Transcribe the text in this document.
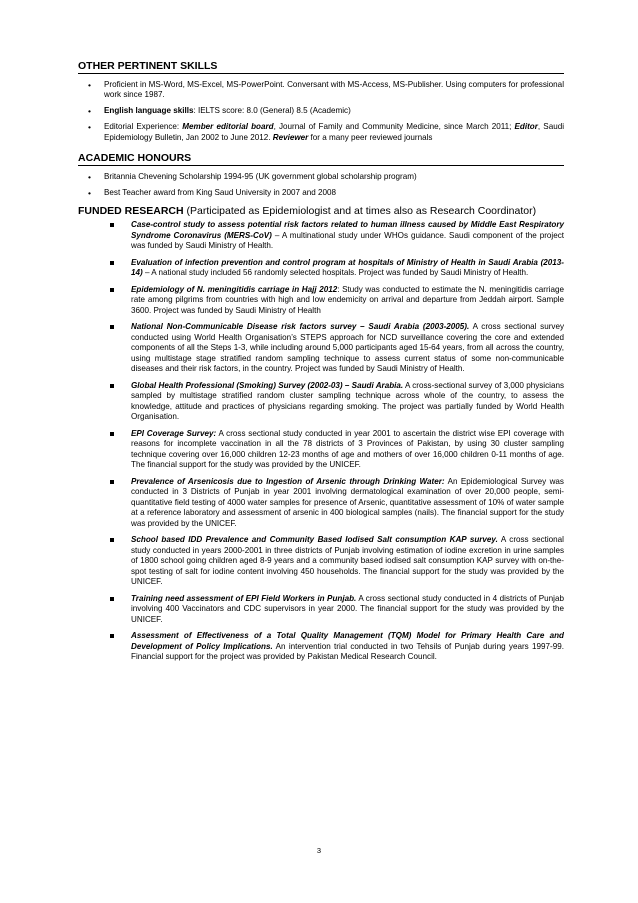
OTHER PERTINENT SKILLS
• Proficient in MS-Word, MS-Excel, MS-PowerPoint. Conversant with MS-Access, MS-Publisher. Using computers for professional work since 1987.
• English language skills: IELTS score: 8.0 (General) 8.5 (Academic)
• Editorial Experience: Member editorial board, Journal of Family and Community Medicine, since March 2011; Editor, Saudi Epidemiology Bulletin, Jan 2002 to June 2012. Reviewer for a many peer reviewed journals
ACADEMIC HONOURS
• Britannia Chevening Scholarship 1994-95 (UK government global scholarship program)
• Best Teacher award from King Saud University in 2007 and 2008
FUNDED RESEARCH (Participated as Epidemiologist and at times also as Research Coordinator)
Case-control study to assess potential risk factors related to human illness caused by Middle East Respiratory Syndrome Coronavirus (MERS-CoV) – A multinational study under WHOs guidance. Saudi component of the project was funded by Saudi Ministry of Health.
Evaluation of infection prevention and control program at hospitals of Ministry of Health in Saudi Arabia (2013-14) – A national study included 56 randomly selected hospitals. Project was funded by Saudi Ministry of Health.
Epidemiology of N. meningitidis carriage in Hajj 2012: Study was conducted to estimate the N. meningitidis carriage rate among pilgrims from countries with high and low endemicity on arrival and departure from Jeddah airport. Sample 3600. Project was funded by Saudi Ministry of Health
National Non-Communicable Disease risk factors survey – Saudi Arabia (2003-2005). A cross sectional survey conducted using World Health Organisation’s STEPS approach for NCD surveillance covering the core and extended components of all the Steps 1-3, while including around 5,000 participants aged 15-64 years, from all across the country, using multistage stage stratified random sampling technique to assess current status of some non-communicable diseases and their risk factors, in the country. Project was funded by Saudi Ministry of Health.
Global Health Professional (Smoking) Survey (2002-03) – Saudi Arabia. A cross-sectional survey of 3,000 physicians sampled by multistage stratified random cluster sampling technique across whole of the country, to assess the knowledge, attitude and practices of physicians regarding smoking. The project was partially funded by World Health Organisation.
EPI Coverage Survey: A cross sectional study conducted in year 2001 to ascertain the district wise EPI coverage with reasons for incomplete vaccination in all the 78 districts of 3 Provinces of Pakistan, by using 30 cluster sampling technique covering over 16,000 children 12-23 months of age and mothers of over 16,000 children 0-11 months of age. The financial support for the study was provided by the UNICEF.
Prevalence of Arsenicosis due to Ingestion of Arsenic through Drinking Water: An Epidemiological Survey was conducted in 3 Districts of Punjab in year 2001 involving dermatological examination of over 20,000 people, semi-quantitative field testing of 4000 water samples for presence of Arsenic, quantitative assessment of 10% of water sample at a reference laboratory and assessment of arsenic in 400 biological samples (nails). The financial support for the study was provided by the UNICEF.
School based IDD Prevalence and Community Based Iodised Salt consumption KAP survey. A cross sectional study conducted in years 2000-2001 in three districts of Punjab involving estimation of iodine excretion in urine samples of 1800 school going children aged 8-9 years and a community based iodised salt consumption KAP survey with on-the-spot testing of salt for iodine content involving 450 households. The financial support for the study was provided by the UNICEF.
Training need assessment of EPI Field Workers in Punjab. A cross sectional study conducted in 4 districts of Punjab involving 400 Vaccinators and CDC supervisors in year 2000. The financial support for the study was provided by the UNICEF.
Assessment of Effectiveness of a Total Quality Management (TQM) Model for Primary Health Care and Development of Policy Implications. An intervention trial conducted in two Tehsils of Punjab during years 1997-99. Financial support for the project was provided by Pakistan Medical Research Council.
3
